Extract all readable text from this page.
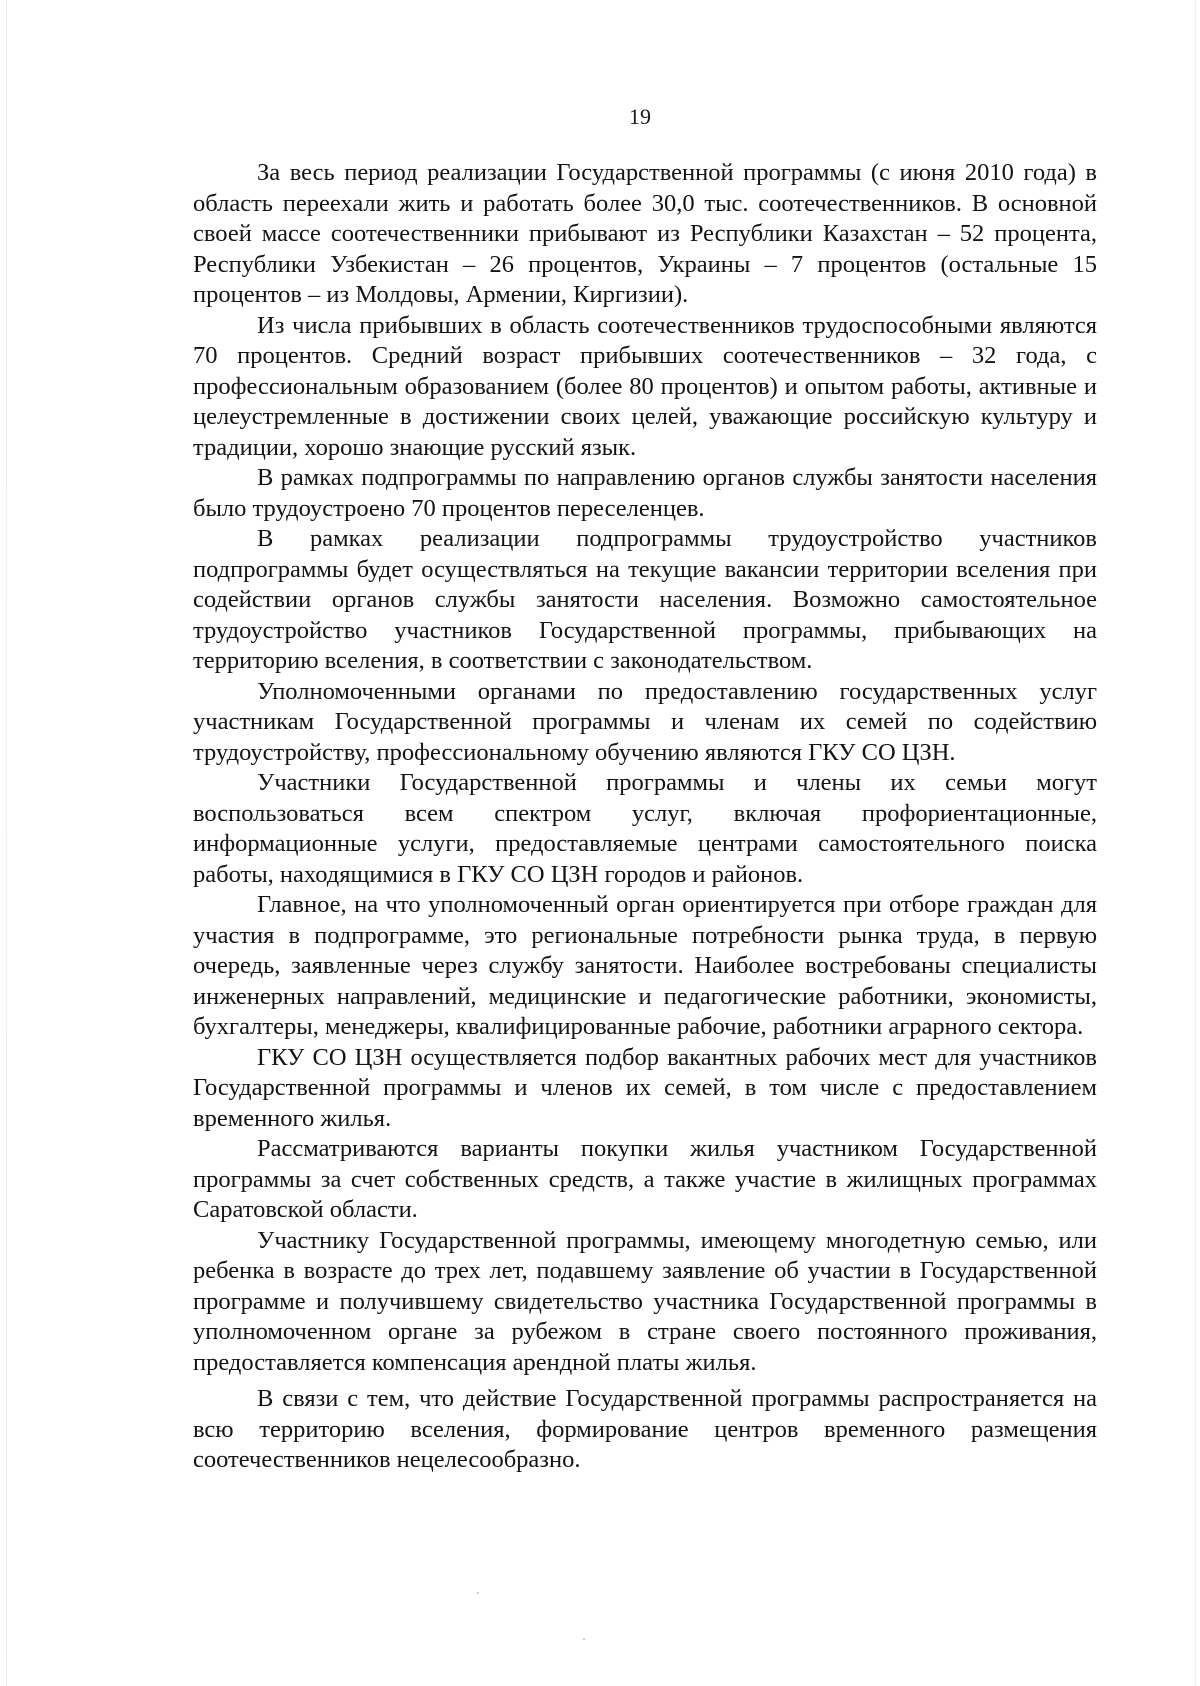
19

За весь период реализации Государственной программы (с июня 2010 года) в область переехали жить и работать более 30,0 тыс. соотечественников. В основной своей массе соотечественники прибывают из Республики Казахстан – 52 процента, Республики Узбекистан – 26 процентов, Украины – 7 процентов (остальные 15 процентов – из Молдовы, Армении, Киргизии).

Из числа прибывших в область соотечественников трудоспособными являются 70 процентов. Средний возраст прибывших соотечественников – 32 года, с профессиональным образованием (более 80 процентов) и опытом работы, активные и целеустремленные в достижении своих целей, уважающие российскую культуру и традиции, хорошо знающие русский язык.

В рамках подпрограммы по направлению органов службы занятости населения было трудоустроено 70 процентов переселенцев.

В рамках реализации подпрограммы трудоустройство участников подпрограммы будет осуществляться на текущие вакансии территории вселения при содействии органов службы занятости населения. Возможно самостоятельное трудоустройство участников Государственной программы, прибывающих на территорию вселения, в соответствии с законодательством.

Уполномоченными органами по предоставлению государственных услуг участникам Государственной программы и членам их семей по содействию трудоустройству, профессиональному обучению являются ГКУ СО ЦЗН.

Участники Государственной программы и члены их семьи могут воспользоваться всем спектром услуг, включая профориентационные, информационные услуги, предоставляемые центрами самостоятельного поиска работы, находящимися в ГКУ СО ЦЗН городов и районов.

Главное, на что уполномоченный орган ориентируется при отборе граждан для участия в подпрограмме, это региональные потребности рынка труда, в первую очередь, заявленные через службу занятости. Наиболее востребованы специалисты инженерных направлений, медицинские и педагогические работники, экономисты, бухгалтеры, менеджеры, квалифицированные рабочие, работники аграрного сектора.

ГКУ СО ЦЗН осуществляется подбор вакантных рабочих мест для участников Государственной программы и членов их семей, в том числе с предоставлением временного жилья.

Рассматриваются варианты покупки жилья участником Государственной программы за счет собственных средств, а также участие в жилищных программах Саратовской области.

Участнику Государственной программы, имеющему многодетную семью, или ребенка в возрасте до трех лет, подавшему заявление об участии в Государственной программе и получившему свидетельство участника Государственной программы в уполномоченном органе за рубежом в стране своего постоянного проживания, предоставляется компенсация арендной платы жилья.

В связи с тем, что действие Государственной программы распространяется на всю территорию вселения, формирование центров временного размещения соотечественников нецелесообразно.
